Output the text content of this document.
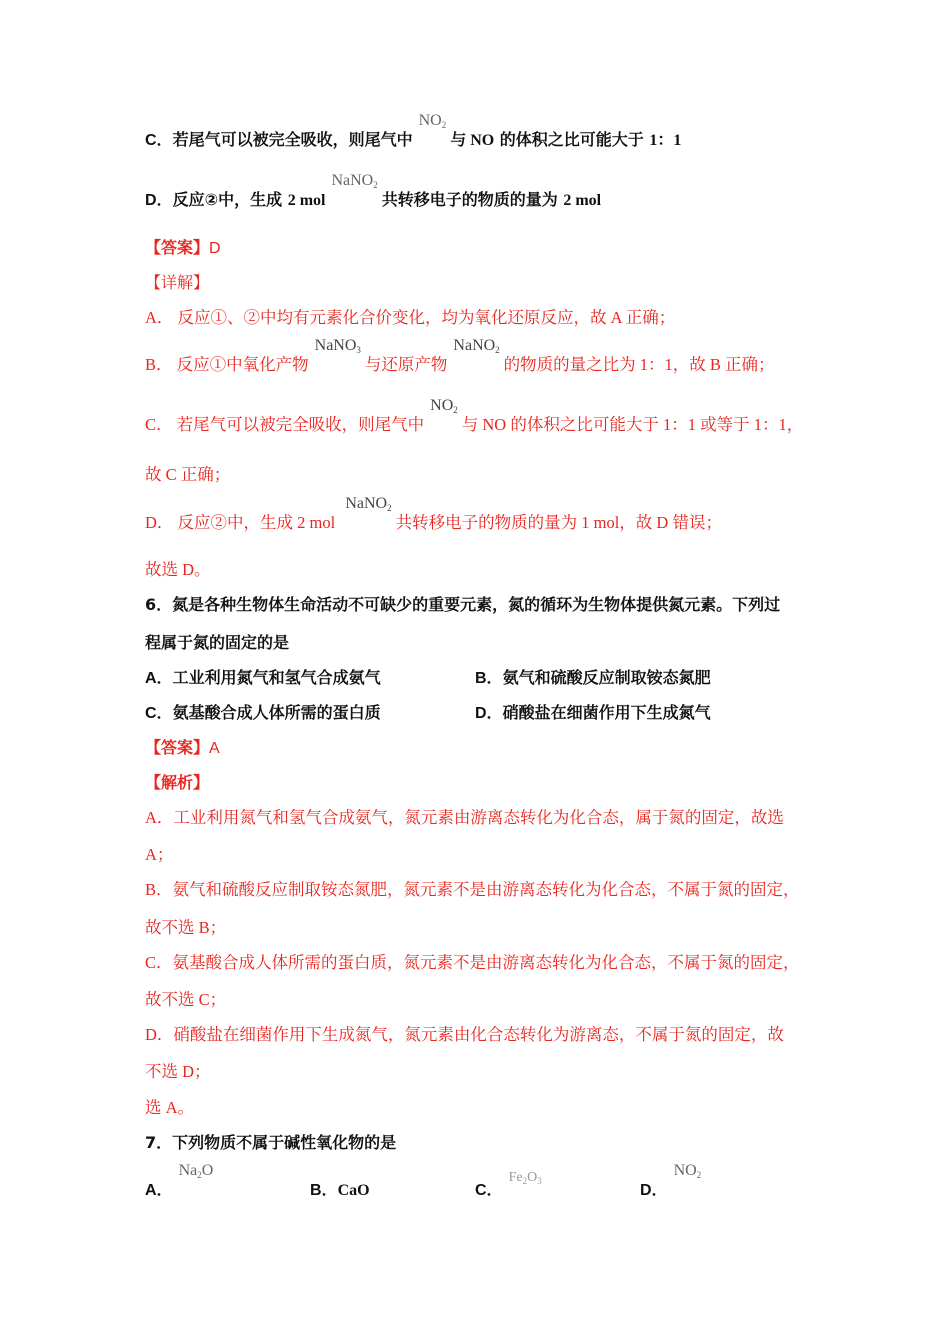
C．若尾气可以被完全吸收，则尾气中$NO_2$与 NO 的体积之比可能大于 1：1
D．反应②中，生成 2 molNaNO$_2$共转移电子的物质的量为 2 mol
【答案】D
【详解】
A． 反应①、②中均有元素化合价变化，均为氧化还原反应，故 A 正确；
B． 反应①中氧化产物NaNO$_3$与还原产物NaNO$_2$的物质的量之比为 1：1，故 B 正确；
C． 若尾气可以被完全吸收，则尾气中$NO_2$与 NO 的体积之比可能大于 1：1 或等于 1：1，
故 C 正确；
D． 反应②中，生成 2 mol NaNO$_2$共转移电子的物质的量为 1 mol，故 D 错误；
故选 D。
6．氮是各种生物体生命活动不可缺少的重要元素，氮的循环为生物体提供氮元素。下列过
程属于氮的固定的是
A．工业利用氮气和氢气合成氨气	B．氨气和硫酸反应制取铵态氮肥
C．氨基酸合成人体所需的蛋白质	D．硝酸盐在细菌作用下生成氮气
【答案】A
【解析】
A．工业利用氮气和氢气合成氨气，氮元素由游离态转化为化合态，属于氮的固定，故选
A；
B．氨气和硫酸反应制取铵态氮肥，氮元素不是由游离态转化为化合态，不属于氮的固定，
故不选 B；
C．氨基酸合成人体所需的蛋白质，氮元素不是由游离态转化为化合态，不属于氮的固定，
故不选 C；
D．硝酸盐在细菌作用下生成氮气，氮元素由化合态转化为游离态，不属于氮的固定，故
不选 D；
选 A。
7．下列物质不属于碱性氧化物的是
A．$Na_2O$
B．CaO	C．$Fe_2O_3$
D．$NO_2$
